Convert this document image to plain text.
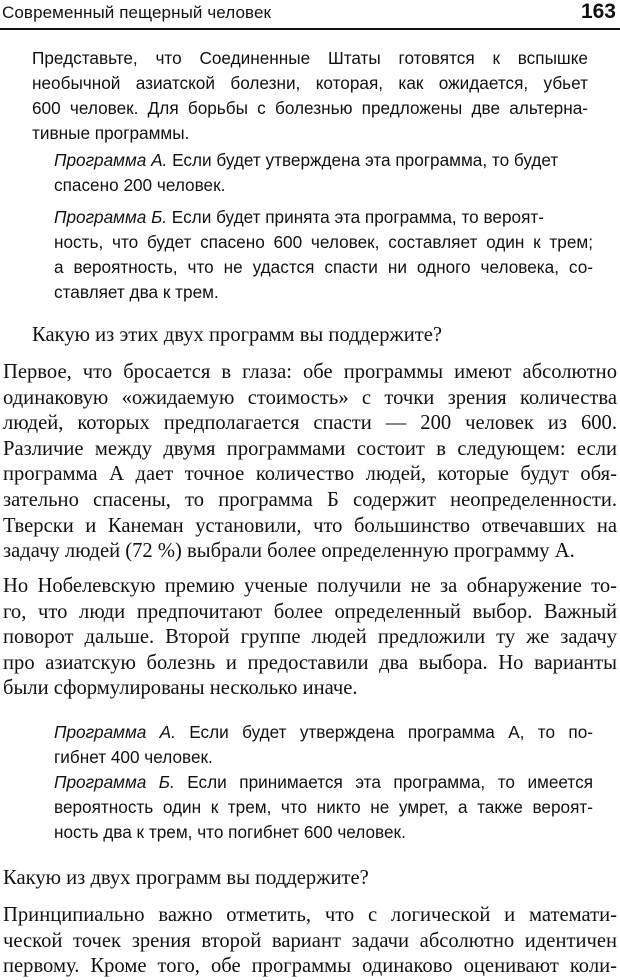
Современный пещерный человек	163

Представьте, что Соединенные Штаты готовятся к вспышке
необычной азиатской болезни, которая, как ожидается, убьет
600 человек. Для борьбы с болезнью предложены две альтерна-
тивные программы.

Программа А. Если будет утверждена эта программа, то будет
спасено 200 человек.

Программа Б. Если будет принята эта программа, то вероят-
ность, что будет спасено 600 человек, составляет один к трем;
а вероятность, что не удастся спасти ни одного человека, со-
ставляет два к трем.

Какую из этих двух программ вы поддержите?

Первое, что бросается в глаза: обе программы имеют абсолютно
одинаковую «ожидаемую стоимость» с точки зрения количества
людей, которых предполагается спасти — 200 человек из 600.
Различие между двумя программами состоит в следующем: если
программа А дает точное количество людей, которые будут обя-
зательно спасены, то программа Б содержит неопределенности.
Тверски и Канеман установили, что большинство отвечавших на
задачу людей (72 %) выбрали более определенную программу А.

Но Нобелевскую премию ученые получили не за обнаружение то-
го, что люди предпочитают более определенный выбор. Важный
поворот дальше. Второй группе людей предложили ту же задачу
про азиатскую болезнь и предоставили два выбора. Но варианты
были сформулированы несколько иначе.

Программа А. Если будет утверждена программа А, то по-
гибнет 400 человек.

Программа Б. Если принимается эта программа, то имеется
вероятность один к трем, что никто не умрет, а также вероят-
ность два к трем, что погибнет 600 человек.

Какую из двух программ вы поддержите?

Принципиально важно отметить, что с логической и математи-
ческой точек зрения второй вариант задачи абсолютно идентичен
первому. Кроме того, обе программы одинаково оценивают коли-
